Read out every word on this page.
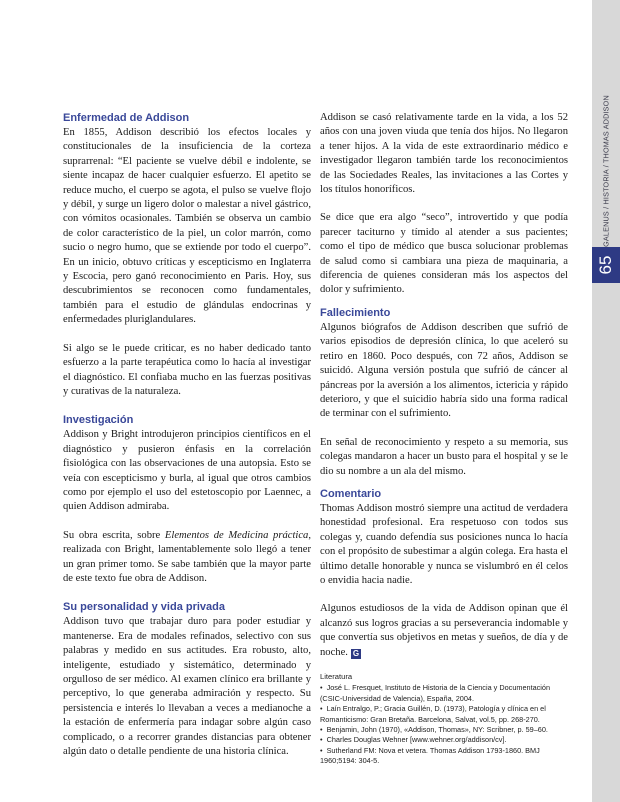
GALENUS / HISTORIA / THOMAS ADDISON
65
Enfermedad de Addison

En 1855, Addison describió los efectos locales y constitucionales de la insuficiencia de la corteza suprarrenal: “El paciente se vuelve débil e indolente, se siente incapaz de hacer cualquier esfuerzo. El apetito se reduce mucho, el cuerpo se agota, el pulso se vuelve flojo y débil, y surge un ligero dolor o malestar a nivel gástrico, con vómitos ocasionales. También se observa un cambio de color característico de la piel, un color marrón, como sucio o negro humo, que se extiende por todo el cuerpo”. En un inicio, obtuvo críticas y escepticismo en Inglaterra y Escocia, pero ganó reconocimiento en Paris. Hoy, sus descubrimientos se reconocen como fundamentales, también para el estudio de glándulas endocrinas y enfermedades pluriglandulares.

Si algo se le puede criticar, es no haber dedicado tanto esfuerzo a la parte terapéutica como lo hacía al investigar el diagnóstico. El confiaba mucho en las fuerzas positivas y curativas de la naturaleza.

Investigación

Addison y Bright introdujeron principios científicos en el diagnóstico y pusieron énfasis en la correlación fisiológica con las observaciones de una autopsia. Esto se veía con escepticismo y burla, al igual que otros cambios como por ejemplo el uso del estetoscopio por Laennec, a quien Addison admiraba.

Su obra escrita, sobre Elementos de Medicina práctica, realizada con Bright, lamentablemente solo llegó a tener un gran primer tomo. Se sabe también que la mayor parte de este texto fue obra de Addison.

Su personalidad y vida privada

Addison tuvo que trabajar duro para poder estudiar y mantenerse. Era de modales refinados, selectivo con sus palabras y medido en sus actitudes. Era robusto, alto, inteligente, estudiado y sistemático, determinado y orgulloso de ser médico. Al examen clínico era brillante y perceptivo, lo que generaba admiración y respecto. Su persistencia e interés lo llevaban a veces a medianoche a la estación de enfermería para indagar sobre algún caso complicado, o a recorrer grandes distancias para obtener algún dato o detalle pendiente de una historia clínica.

Addison se casó relativamente tarde en la vida, a los 52 años con una joven viuda que tenía dos hijos. No llegaron a tener hijos. A la vida de este extraordinario médico e investigador llegaron también tarde los reconocimientos de las Sociedades Reales, las invitaciones a las Cortes y los títulos honoríficos.

Se dice que era algo “seco”, introvertido y que podía parecer taciturno y tímido al atender a sus pacientes; como el tipo de médico que busca solucionar problemas de salud como si cambiara una pieza de maquinaria, a diferencia de quienes consideran más los aspectos del dolor y sufrimiento.

Fallecimiento

Algunos biógrafos de Addison describen que sufrió de varios episodios de depresión clínica, lo que aceleró su retiro en 1860. Poco después, con 72 años, Addison se suicidó. Alguna versión postula que sufrió de cáncer al páncreas por la aversión a los alimentos, ictericia y rápido deterioro, y que el suicidio habría sido una forma radical de terminar con el sufrimiento.

En señal de reconocimiento y respeto a su memoria, sus colegas mandaron a hacer un busto para el hospital y se le dio su nombre a un ala del mismo.

Comentario

Thomas Addison mostró siempre una actitud de verdadera honestidad profesional. Era respetuoso con todos sus colegas y, cuando defendía sus posiciones nunca lo hacía con el propósito de subestimar a algún colega. Era hasta el último detalle honorable y nunca se vislumbró en él celos o envidia hacia nadie.

Algunos estudiosos de la vida de Addison opinan que él alcanzó sus logros gracias a su perseverancia indomable y que convertía sus objetivos en metas y sueños, de día y de noche. G

Literatura
• José L. Fresquet, Instituto de Historia de la Ciencia y Documentación (CSIC-Universidad de Valencia), España, 2004.
• Laín Entralgo, P.; Gracia Guillén, D. (1973), Patología y clínica en el Romanticismo: Gran Bretaña. Barcelona, Salvat, vol.5, pp. 268-270.
• Benjamin, John (1970), «Addison, Thomas», NY: Scribner, p. 59–60.
• Charles Douglas Wehner [www.wehner.org/addison/cv].
• Sutherland FM: Nova et vetera. Thomas Addison 1793-1860. BMJ 1960;5194: 304-5.
